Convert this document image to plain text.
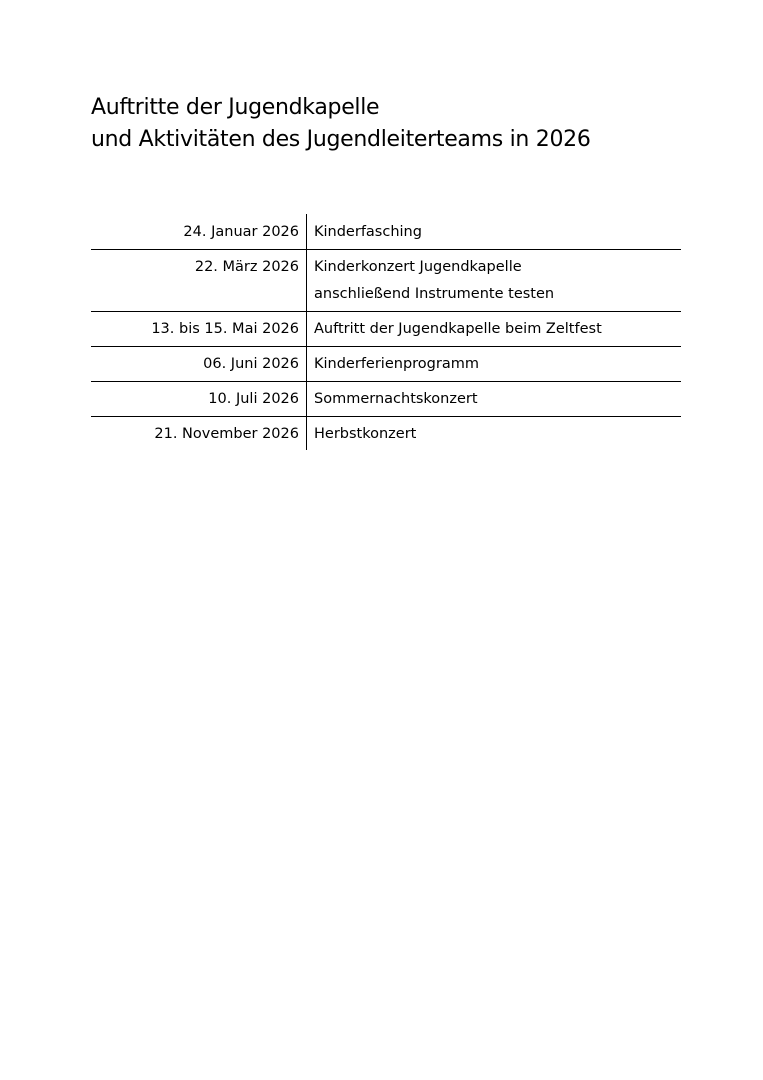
Auftritte der Jugendkapelle
und Aktivitäten des Jugendleiterteams in 2026
24. Januar 2026	Kinderfasching

22. März 2026	Kinderkonzert Jugendkapelle
anschließend Instrumente testen

13. bis 15. Mai 2026	Auftritt der Jugendkapelle beim Zeltfest

06. Juni 2026	Kinderferienprogramm

10. Juli 2026	Sommernachtskonzert

21. November 2026	Herbstkonzert
